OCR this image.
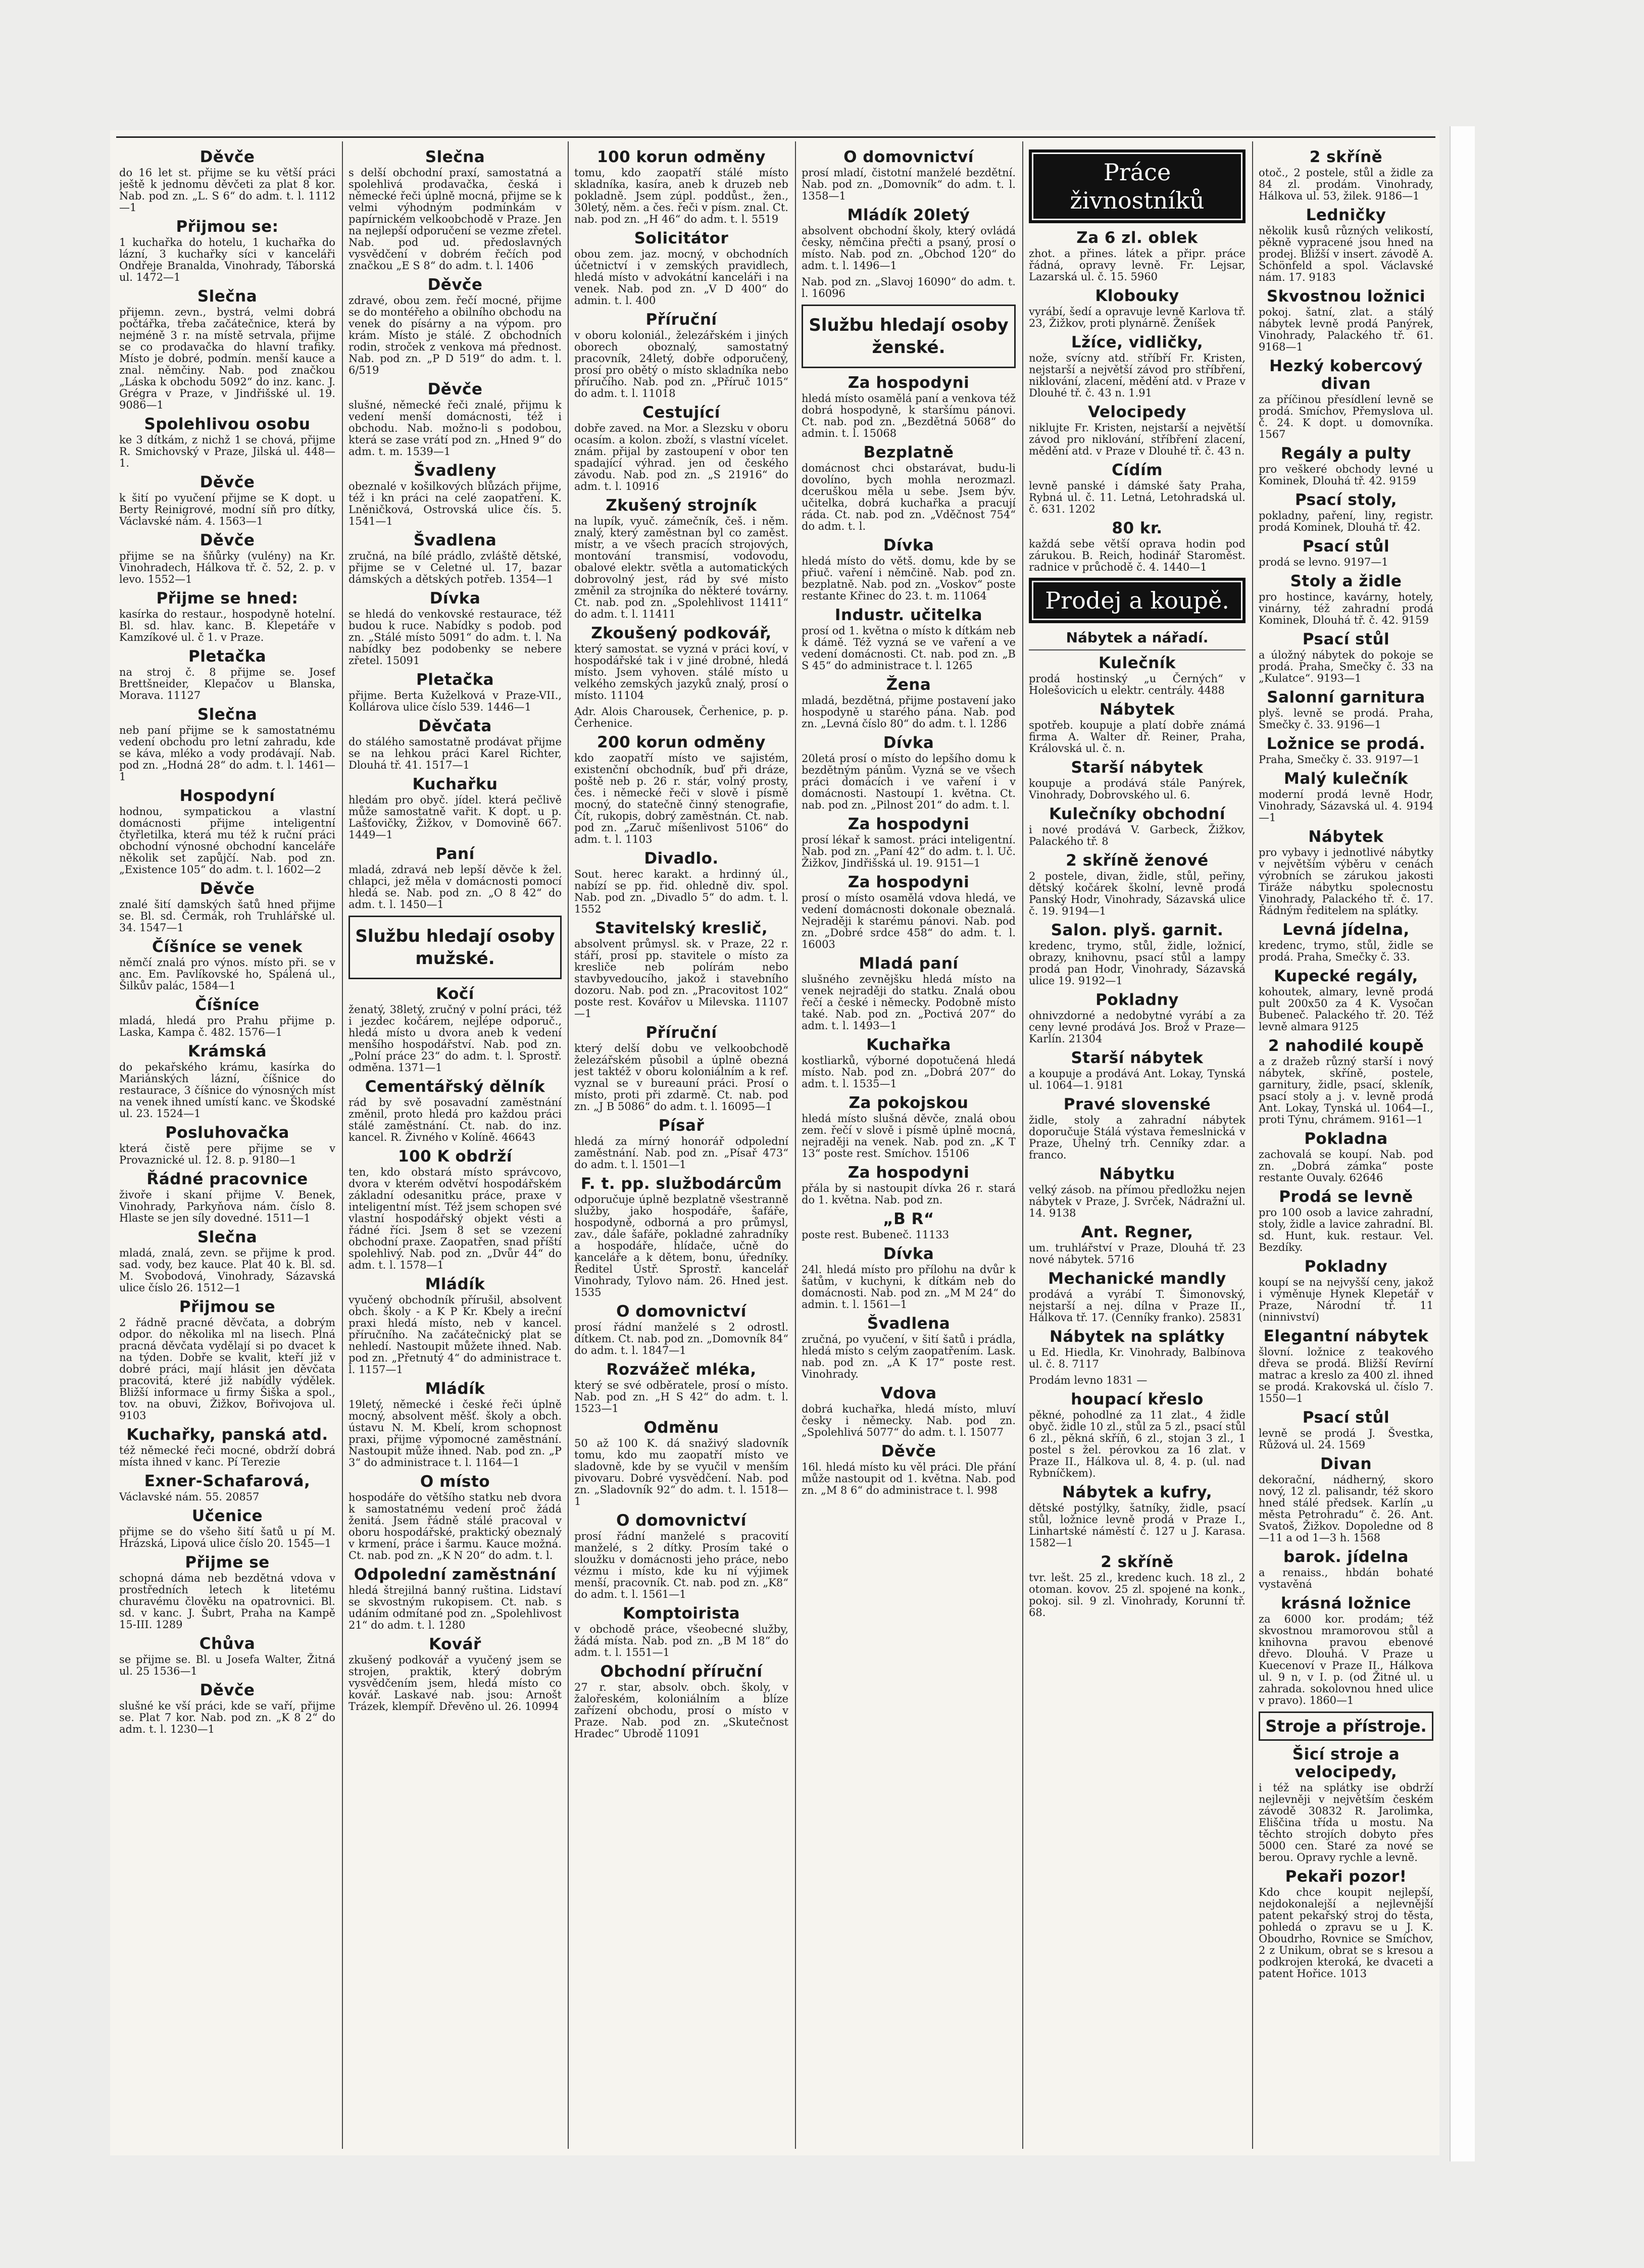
Děvče
do 16 let st. přijme se ku větší práci ještě k jednomu děvčeti za plat 8 kor. Nab. pod zn. „L. S 6“ do adm. t. l. 1112—1
Přijmou se:
1 kuchařka do hotelu, 1 kuchařka do lázní, 3 kuchařky síci v kanceláři Ondřeje Branalda, Vinohrady, Táborská ul. 1472—1
Slečna
přijemn. zevn., bystrá, velmi dobrá počtářka, třeba začátečnice, která by nejméně 3 r. na místě setrvala, přijme se co prodavačka do hlavní trafiky. Místo je dobré, podmín. menší kauce a znal. němčiny. Nab. pod značkou „Láska k obchodu 5092“ do inz. kanc. J. Grégra v Praze, v Jindřišské ul. 19. 9086—1
Spolehlivou osobu
ke 3 dítkám, z nichž 1 se chová, přijme R. Smichovský v Praze, Jilská ul. 448—1.
Děvče
k šití po vyučení přijme se K dopt. u Berty Reinigrové, modní síň pro dítky, Václavské nám. 4. 1563—1
Děvče
přijme se na šňůrky (vulény) na Kr. Vinohradech, Hálkova tř. č. 52, 2. p. v levo. 1552—1
Přijme se hned:
kasírka do restaur., hospodyně hotelní. Bl. sd. hlav. kanc. B. Klepetáře v Kamzíkové ul. č 1. v Praze.
Pletačka
na stroj č. 8 přijme se. Josef Brettšneider, Klepačov u Blanska, Morava. 11127
Slečna
neb paní přijme se k samostatnému vedení obchodu pro letní zahradu, kde se káva, mléko a vody prodávají. Nab. pod zn. „Hodná 28“ do adm. t. l. 1461—1
Hospodyní
hodnou, sympatickou a vlastní domácnosti přijme inteligentní čtyřletilka, která mu též k ruční práci obchodní výnosné obchodní kanceláře několik set zapůjčí. Nab. pod zn. „Existence 105“ do adm. t. l. 1602—2
Děvče
znalé šití damských šatů hned přijme se. Bl. sd. Čermák, roh Truhlářské ul. 34. 1547—1
Číšníce se venek
němčí znalá pro výnos. místo při. se v anc. Em. Pavlíkovské ho, Spálená ul., Šilkův palác, 1584—1
Číšníce
mladá, hledá pro Prahu přijme p. Laska, Kampa č. 482. 1576—1
Krámská
do pekařského krámu, kasírka do Mariánských lázní, číšnice do restaurace, 3 číšnice do výnosných míst na venek ihned umístí kanc. ve Škodské ul. 23. 1524—1
Posluhovačka
která čistě pere přijme se v Provaznické ul. 12. 8. p. 9180—1
Řádné pracovnice
živoře i skaní přijme V. Benek, Vinohrady, Parkyňova nám. číslo 8. Hlaste se jen síly dovedné. 1511—1
Slečna
mladá, znalá, zevn. se přijme k prod. sad. vody, bez kauce. Plat 40 k. Bl. sd. M. Svobodová, Vinohrady, Sázavská ulice číslo 26. 1512—1
Přijmou se
2 řádně pracné děvčata, a dobrým odpor. do několika ml na lisech. Plná pracná děvčata vydělají si po dvacet k na týden. Dobře se kvalit, kteří již v dobré práci, mají hlásit jen děvčata pracovitá, které již nabídly výdělek. Bližší informace u firmy Šiška a spol., tov. na obuvi, Žižkov, Bořivojova ul. 9103
Kuchařky, panská atd.
též německé řeči mocné, obdrží dobrá místa ihned v kanc. Pí Terezie
Exner-Schafarová,
Václavské nám. 55. 20857
Učenice
přijme se do všeho šití šatů u pí M. Hrázská, Lipová ulice číslo 20. 1545—1
Přijme se
schopná dáma neb bezdětná vdova v prostředních letech k litetému churavému člověku na opatrovnici. Bl. sd. v kanc. J. Šubrt, Praha na Kampě 15-III. 1289
Chůva
se přijme se. Bl. u Josefa Walter, Žitná ul. 25 1536—1
Děvče
slušné ke vší práci, kde se vaří, přijme se. Plat 7 kor. Nab. pod zn. „K 8 2“ do adm. t. l. 1230—1
Slečna
s delší obchodní praxí, samostatná a spolehlivá prodavačka, česká i německé řeči úplně mocná, přijme se k velmi výhodným podmínkám v papírnickém velkoobchodě v Praze. Jen na nejlepší odporučení se vezme zřetel. Nab. pod ud. předoslavných vysvědčení v dobrém řečích pod značkou „E S 8“ do adm. t. l. 1406
Děvče
zdravé, obou zem. řečí mocné, přijme se do montéřeho a obilního obchodu na venek do písárny a na výpom. pro krám. Místo je stálé. Z obchodních rodin, stroček z venkova má přednost. Nab. pod zn. „P D 519“ do adm. t. l. 6/519
Děvče
slušné, německé řeči znalé, přijmu k vedení menší domácnosti, též i obchodu. Nab. možno-li s podobou, která se zase vrátí pod zn. „Hned 9“ do adm. t. m. 1539—1
Švadleny
obeznalé v košilkových blůzách přijme, též i kn práci na celé zaopatření. K. Lněničková, Ostrovská ulice čís. 5. 1541—1
Švadlena
zručná, na bílé prádlo, zvláště dětské, přijme se v Celetné ul. 17, bazar dámských a dětských potřeb. 1354—1
Dívka
se hledá do venkovské restaurace, též budou k ruce. Nabídky s podob. pod zn. „Stálé místo 5091“ do adm. t. l. Na nabídky bez podobenky se nebere zřetel. 15091
Pletačka
přijme. Berta Kuželková v Praze-VII., Kollárova ulice číslo 539. 1446—1
Děvčata
do stálého samostatně prodávat přijme se na lehkou práci Karel Richter, Dlouhá tř. 41. 1517—1
Kuchařku
hledám pro obyč. jídel. která pečlivě může samostatně vařit. K dopt. u p. Lašťovičky, Žižkov, v Domovině 667. 1449—1
Paní
mladá, zdravá neb lepší děvče k žel. chlapci, jež měla v domácnosti pomocí hledá se. Nab. pod zn. „O 8 42“ do adm. t. l. 1450—1
Službu hledají osoby mužské.
Kočí
ženatý, 38letý, zručný v polní práci, též i jezdec kočárem, nejlépe odporuč., hledá místo u dvora aneb k vedení menšího hospodářství. Nab. pod zn. „Polní práce 23“ do adm. t. l. Sprostř. odměna. 1371—1
Cementářský dělník
rád by svě posavadní zaměstnání změnil, proto hledá pro každou práci stálé zaměstnání. Ct. nab. do inz. kancel. R. Živného v Kolíně. 46643
100 K obdrží
ten, kdo obstará místo správcovo, dvora v kterém odvětví hospodářském základní odesanitku práce, praxe v inteligentní míst. Též jsem schopen své vlastní hospodářský objekt vésti a řádné říci. Jsem 8 set se vzezení obchodní praxe. Zaopatřen, snad příští spolehlivý. Nab. pod zn. „Dvůr 44“ do adm. t. l. 1578—1
Mládík
vyučený obchodník přírušil, absolvent obch. školy - a K P Kr. Kbely a ireční praxi hledá místo, neb v kancel. příručního. Na začátečnický plat se nehledí. Nastoupit můžete ihned. Nab. pod zn. „Přetnutý 4“ do administrace t. l. 1157—1
Mládík
19letý, německé i české řeči úplně mocný, absolvent měšť. školy a obch. ústavu N. M. Kbelí, krom schopnost praxi, přijme výpomocné zaměstnání. Nastoupit může ihned. Nab. pod zn. „P 3“ do administrace t. l. 1164—1
O místo
hospodáře do většího statku neb dvora k samostatnému vedení proč žádá ženitá. Jsem řádně stálé pracoval v oboru hospodářské, praktický obeznalý v krmení, práce i šarmu. Kauce možná. Ct. nab. pod zn. „K N 20“ do adm. t. l.
Odpolední zaměstnání
hledá štrejilná banný ruština. Lidstaví se skvostným rukopisem. Ct. nab. s udáním odmítané pod zn. „Spolehlivost 21“ do adm. t. l. 1280
Kovář
zkušený podkovář a vyučený jsem se strojen, praktik, který dobrým vysvědčením jsem, hledá místo co kovář. Laskavé nab. jsou: Arnošt Trázek, klempíř. Dřevěno ul. 26. 10994
100 korun odměny
tomu, kdo zaopatří stálé místo skladníka, kasíra, aneb k druzeb neb pokladně. Jsem zúpl. poddůst., žen., 30letý, něm. a čes. řeči v písm. znal. Ct. nab. pod zn. „H 46“ do adm. t. l. 5519
Solicitátor
obou zem. jaz. mocný, v obchodních účetnictví i v zemských pravidlech, hledá místo v advokátní kanceláři i na venek. Nab. pod zn. „V D 400“ do admin. t. l. 400
Příruční
v oboru koloniál., železářském i jiných oborech oboznalý, samostatný pracovník, 24letý, dobře odporučený, prosí pro obětý o místo skladníka nebo příručího. Nab. pod zn. „Příruč 1015“ do adm. t. l. 11018
Cestující
dobře zaved. na Mor. a Slezsku v oboru ocasím. a kolon. zboží, s vlastní vícelet. znám. přijal by zastoupení v obor ten spadající výhrad. jen od českého závodu. Nab. pod zn. „S 21916“ do adm. t. l. 10916
Zkušený strojník
na lupík, vyuč. zámečník, češ. i něm. znalý, který zaměstnan byl co zaměst. místr, a ve všech pracích strojových, montování transmisí, vodovodu, obalové elektr. světla a automatických dobrovolný jest, rád by své místo změnil za strojníka do některé továrny. Ct. nab. pod zn. „Spolehlivost 11411“ do adm. t. l. 11411
Zkoušený podkovář,
který samostat. se vyzná v práci koví, v hospodářské tak i v jiné drobné, hledá místo. Jsem vyhoven. stálé místo u velkého zemských jazyků znalý, prosí o místo. 11104
Adr. Alois Charousek, Čerhenice, p. p. Čerhenice.
200 korun odměny
kdo zaopatří místo ve sajistém, existenční obchodník, buď při dráze, poště neb p. 26 r. stár, volný prosty, čes. i německé řeči v slově i písmě mocný, do statečně činný stenografie, Čít, rukopis, dobrý zaměstnán. Ct. nab. pod zn. „Zaruč míšenlivost 5106“ do adm. t. l. 1103
Divadlo.
Sout. herec karakt. a hrdinný úl., nabízí se pp. řid. ohledně div. spol. Nab. pod zn. „Divadlo 5“ do adm. t. l. 1552
Stavitelský kreslič,
absolvent průmysl. sk. v Praze, 22 r. stáří, prosí pp. stavitele o místo za kresliče neb polírám nebo stavbyvedoucího, jakož i stavebního dozoru. Nab. pod zn. „Pracovitost 102“ poste rest. Kovářov u Milevska. 11107—1
Příruční
který delší dobu ve velkoobchodě železářském působil a úplně obezná jest taktéž v oboru koloniálním a k ref. vyznal se v bureauní práci. Prosí o místo, proti při zdarmě. Ct. nab. pod zn. „J B 5086“ do adm. t. l. 16095—1
Písař
hledá za mírný honorář odpolední zaměstnání. Nab. pod zn. „Písař 473“ do adm. t. l. 1501—1
F. t. pp. službodárcům
odporučuje úplně bezplatně všestranně služby, jako hospodáře, šafáře, hospodyně, odborná a pro průmysl, zav., dále šafáře, pokladné zahradníky a hospodáře, hlídače, učně do kanceláře a k dětem, bonu, úředníky. Ředitel Ústř. Sprostř. kancelář Vinohrady, Tylovo nám. 26. Hned jest. 1535
O domovnictví
prosí řádní manželé s 2 odrostl. dítkem. Ct. nab. pod zn. „Domovník 84“ do adm. t. l. 1847—1
Rozvážeč mléka,
který se své odběratele, prosí o místo. Nab. pod zn. „H S 42“ do adm. t. l. 1523—1
Odměnu
50 až 100 K. dá snaživý sladovník tomu, kdo mu zaopatří místo ve sladovně, kde by se vyučil v menším pivovaru. Dobré vysvědčení. Nab. pod zn. „Sladovník 92“ do adm. t. l. 1518—1
O domovnictví
prosí řádní manželé s pracovití manželé, s 2 dítky. Prosím také o sloužku v domácnosti jeho práce, nebo vézmu i místo, kde ku ní výjimek menší, pracovník. Ct. nab. pod zn. „K8“ do adm. t. l. 1561—1
Komptoiristа
v obchodě práce, všeobecné služby, žádá místa. Nab. pod zn. „B M 18“ do adm. t. l. 1551—1
Obchodní příruční
27 r. star, absolv. obch. školy, v žalořeském, koloniálním a blíze zařízení obchodu, prosí o místo v Praze. Nab. pod zn. „Skutečnost Hradec“ Ubrodě 11091
O domovnictví
prosí mladí, čistotní manželé bezdětní. Nab. pod zn. „Domovník“ do adm. t. l. 1358—1
Mládík 20letý
absolvent obchodní školy, který ovládá česky, němčina přečti a psaný, prosí o místo. Nab. pod zn. „Obchod 120“ do adm. t. l. 1496—1
Nab. pod zn. „Slavoj 16090“ do adm. t. l. 16096
Službu hledají osoby ženské.
Za hospodyni
hledá místo osamělá paní a venkova též dobrá hospodyně, k staršímu pánovi. Ct. nab. pod zn. „Bezdětná 5068“ do admin. t. l. 15068
Bezplatně
domácnost chci obstarávat, budu-li dovolíno, bych mohla nerozmazl. dceruškou měla u sebe. Jsem býv. učitelka, dobrá kuchařka a pracují ráda. Ct. nab. pod zn. „Vděčnost 754“ do adm. t. l.
Dívka
hledá místo do větš. domu, kde by se přiuč. vaření i němčině. Nab. pod zn. bezplatně. Nab. pod zn. „Voskov“ poste restante Křinec do 23. t. m. 11064
Industr. učitelka
prosí od 1. května o místo k dítkám neb k dámě. Též vyzná se ve vaření a ve vedení domácnosti. Ct. nab. pod zn. „B S 45“ do administrace t. l. 1265
Žena
mladá, bezdětná, přijme postavení jako hospodyně u starého pána. Nab. pod zn. „Levná číslo 80“ do adm. t. l. 1286
Dívka
20letá prosí o místo do lepšího domu k bezdětným pánům. Vyzná se ve všech práci domácích i ve vaření i v domácnosti. Nastoupí 1. května. Ct. nab. pod zn. „Pilnost 201“ do adm. t. l.
Za hospodyni
prosí lékař k samost. práci inteligentní. Nab. pod zn. „Paní 42“ do adm. t. l. Uč. Žižkov, Jindřišská ul. 19. 9151—1
Za hospodyni
prosí o místo osamělá vdova hledá, ve vedení domácnosti dokonale obeznalá. Nejraději k starému pánovi. Nab. pod zn. „Dobré srdce 458“ do adm. t. l. 16003
Mladá paní
slušného zevnějšku hledá místo na venek nejraději do statku. Znalá obou řečí a české i německy. Podobně místo také. Nab. pod zn. „Poctivá 207“ do adm. t. l. 1493—1
Kuchařka
kostliarků, výborné dopotučená hledá místo. Nab. pod zn. „Dobrá 207“ do adm. t. l. 1535—1
Za pokojskou
hledá místo slušná děvče, znalá obou zem. řečí v slově i písmě úplně mocná, nejraději na venek. Nab. pod zn. „K T 13“ poste rest. Smíchov. 15106
Za hospodyni
přála by si nastoupit dívka 26 r. stará do 1. května. Nab. pod zn.
„B R“
poste rest. Bubeneč. 11133
Dívka
24l. hledá místo pro přílohu na dvůr k šatům, v kuchyni, k dítkám neb do domácnosti. Nab. pod zn. „M M 24“ do admin. t. l. 1561—1
Švadlena
zručná, po vyučení, v šití šatů i prádla, hledá místo s celým zaopatřením. Lask. nab. pod zn. „A K 17“ poste rest. Vinohrady.
Vdova
dobrá kuchařka, hledá místo, mluví česky i německy. Nab. pod zn. „Spolehlivá 5077“ do adm. t. l. 15077
Děvče
16l. hledá místo ku věl práci. Dle přání může nastoupit od 1. května. Nab. pod zn. „M 8 6“ do administrace t. l. 998
Práce živnostníků
Za 6 zl. oblek
zhot. a přines. látek a připr. práce řádná, opravy levně. Fr. Lejsar, Lazarská ul. č. 15. 5960
Klobouky
vyrábí, šedí a opravuje levně Karlova tř. 23, Žižkov, proti plynárně. Ženíšek
Lžíce, vidličky,
nože, svícny atd. stříbří Fr. Kristen, nejstarší a největší závod pro stříbření, niklování, zlacení, mědění atd. v Praze v Dlouhé tř. č. 43 n. 1.91
Velocipedy
niklujte Fr. Kristen, nejstarší a největší závod pro niklování, stříbření zlacení, mědění atd. v Praze v Dlouhé tř. č. 43 n.
Cídím
levně panské i dámské šaty Praha, Rybná ul. č. 11. Letná, Letohradská ul. č. 631. 1202
80 kr.
každá sebe větší oprava hodin pod zárukou. B. Reich, hodinář Staroměst. radnice v průchodě č. 4. 1440—1
Prodej a koupě.
Nábytek a nářadí.
Kulečník
prodá hostinský „u Černých“ v Holešovicích u elektr. centrály. 4488
Nábytek
spotřeb. koupuje a platí dobře známá firma A. Walter dř. Reiner, Praha, Královská ul. č. n.
Starší nábytek
koupuje a prodává stále Panýrek, Vinohrady, Dobrovského ul. 6.
Kulečníky obchodní
i nové prodává V. Garbeck, Žižkov, Palackého tř. 8
2 skříně ženové
2 postele, divan, židle, stůl, peřiny, dětský kočárek školní, levně prodá Panský Hodr, Vinohrady, Sázavská ulice č. 19. 9194—1
Salon. plyš. garnit.
kredenc, trymo, stůl, židle, ložnicí, obrazy, knihovnu, psací stůl a lampy prodá pan Hodr, Vinohrady, Sázavská ulice 19. 9192—1
Pokladny
ohnivzdorné a nedobytné vyrábí a za ceny levné prodává Jos. Brož v Praze—Karlín. 21304
Starší nábytek
a koupuje a prodává Ant. Lokay, Tynská ul. 1064—1. 9181
Pravé slovenské
židle, stoly a zahradní nábytek doporučuje Stálá výstava řemeslnická v Praze, Uhelný trh. Cenníky zdar. a franco.
Nábytku
velký zásob. na přímou předložku nejen nábytek v Praze, J. Svrček, Nádražní ul. 14. 9138
Ant. Regner,
um. truhlářství v Praze, Dlouhá tř. 23 nové nábytek. 5716
Mechanické mandly
prodává a vyrábí T. Šimonovský, nejstarší a nej. dílna v Praze II., Hálkova tř. 17. (Cenníky franko). 25831
Nábytek na splátky
u Ed. Hiedla, Kr. Vinohrady, Balbínova ul. č. 8. 7117
Prodám levno 1831 —
houpací křeslo
pěkné, pohodlné za 11 zlat., 4 židle obyč. židle 10 zl., stůl za 5 zl., psací stůl 6 zl., pěkná skříň, 6 zl., stojan 3 zl., 1 postel s žel. pérovkou za 16 zlat. v Praze II., Hálkova ul. 8, 4. p. (ul. nad Rybníčkem).
Nábytek a kufry,
dětské postýlky, šatníky, židle, psací stůl, ložnice levně prodá v Praze I., Linhartské náměstí č. 127 u J. Karasa. 1582—1
2 skříně
tvr. lešt. 25 zl., kredenc kuch. 18 zl., 2 otoman. kovov. 25 zl. spojené na konk., pokoj. sil. 9 zl. Vinohrady, Korunní tř. 68.
2 skříně
otoč., 2 postele, stůl a židle za 84 zl. prodám. Vinohrady, Hálkova ul. 53, žilek. 9186—1
Ledničky
několik kusů různých velikostí, pěkně vypracené jsou hned na prodej. Bližší v insert. závodě A. Schönfeld a spol. Václavské nám. 17. 9183
Skvostnou ložnici
pokoj. šatní, zlat. a stálý nábytek levně prodá Panýrek, Vinohrady, Palackého tř. 61. 9168—1
Hezký kobercový divan
za příčinou přesídlení levně se prodá. Smíchov, Přemyslova ul. č. 24. K dopt. u domovníka. 1567
Regály a pulty
pro veškeré obchody levné u Kominek, Dlouhá tř. 42. 9159
Psací stoly,
pokladny, paření, liny, registr. prodá Kominek, Dlouhá tř. 42.
Psací stůl
prodá se levno. 9197—1
Stoly a židle
pro hostince, kavárny, hotely, vinárny, též zahradní prodá Kominek, Dlouhá tř. č. 42. 9159
Psací stůl
a úložný nábytek do pokoje se prodá. Praha, Smečky č. 33 na „Kulatce“. 9193—1
Salonní garnitura
plyš. levně se prodá. Praha, Smečky č. 33. 9196—1
Ložnice se prodá.
Praha, Smečky č. 33. 9197—1
Malý kulečník
moderní prodá levně Hodr, Vinohrady, Sázavská ul. 4. 9194—1
Nábytek
pro vybavy i jednotlivé nábytky v největším výběru v cenách výrobních se zárukou jakosti Tiráže nábytku spolecnostu Vinohrady, Palackého tř. č. 17. Řádným ředitelem na splátky.
Levná jídelna,
kredenc, trymo, stůl, židle se prodá. Praha, Smečky č. 33.
Kupecké regály,
kohoutek, almary, levně prodá pult 200x50 za 4 K. Vysočan Bubeneč. Palackého tř. 20. Též levně almara 9125
2 nahodilé koupě
a z dražeb různý starší i nový nábytek, skříně, postele, garnitury, židle, psací, skleník, psací stoly a j. v. levně prodá Ant. Lokay, Tynská ul. 1064—I., proti Týnu, chrámem. 9161—1
Pokladna
zachovalá se koupí. Nab. pod zn. „Dobrá zámka“ poste restante Ouvaly. 62646
Prodá se levně
pro 100 osob a lavice zahradní, stoly, židle a lavice zahradní. Bl. sd. Hunt, kuk. restaur. Vel. Bezdíky.
Pokladny
koupí se na nejvyšší ceny, jakož i výměnuje Hynek Klepetář v Praze, Národní tř. 11 (ninnivství)
Elegantní nábytek
šlovní. ložnice z teakového dřeva se prodá. Bližší Revírní matrac a kreslo za 400 zl. ihned se prodá. Krakovská ul. číslo 7. 1550—1
Psací stůl
levně se prodá J. Švestka, Růžová ul. 24. 1569
Divan
dekorační, nádherný, skoro nový, 12 zl. palisandr, též skoro hned stálé předsek. Karlín „u města Petrohradu“ č. 26. Ant. Svatoš, Žižkov. Dopoledne od 8—11 a od 1—3 h. 1568
barok. jídelna
a renaiss., hbdán bohaté vystavěná
krásná ložnice
za 6000 kor. prodám; též skvostnou mramorovou stůl a knihovna pravou ebenové dřevo. Dlouhá. V Praze u Kuecenoví v Praze II., Hálkova ul. 9 n, v I. p. (od Žitné ul. u zahrada. sokolovnou hned ulice v pravo). 1860—1
Stroje a přístroje.
Šicí stroje a velocipedy,
i též na splátky ise obdrží nejlevněji v největším českém závodě 30832 R. Jarolimka, Eliščina třída u mostu. Na těchto strojích dobyto přes 5000 cen. Staré za nové se berou. Opravy rychle a levně.
Pekaři pozor!
Kdo chce koupit nejlepší, nejdokonalejší a nejlevnější patent pekařský stroj do těsta, pohledá o zpravu se u J. K. Oboudrho, Rovnice se Smíchov, 2 z Unikum, obrat se s kresou a podkrojen kteroká, ke dvaceti a patent Hořice. 1013
